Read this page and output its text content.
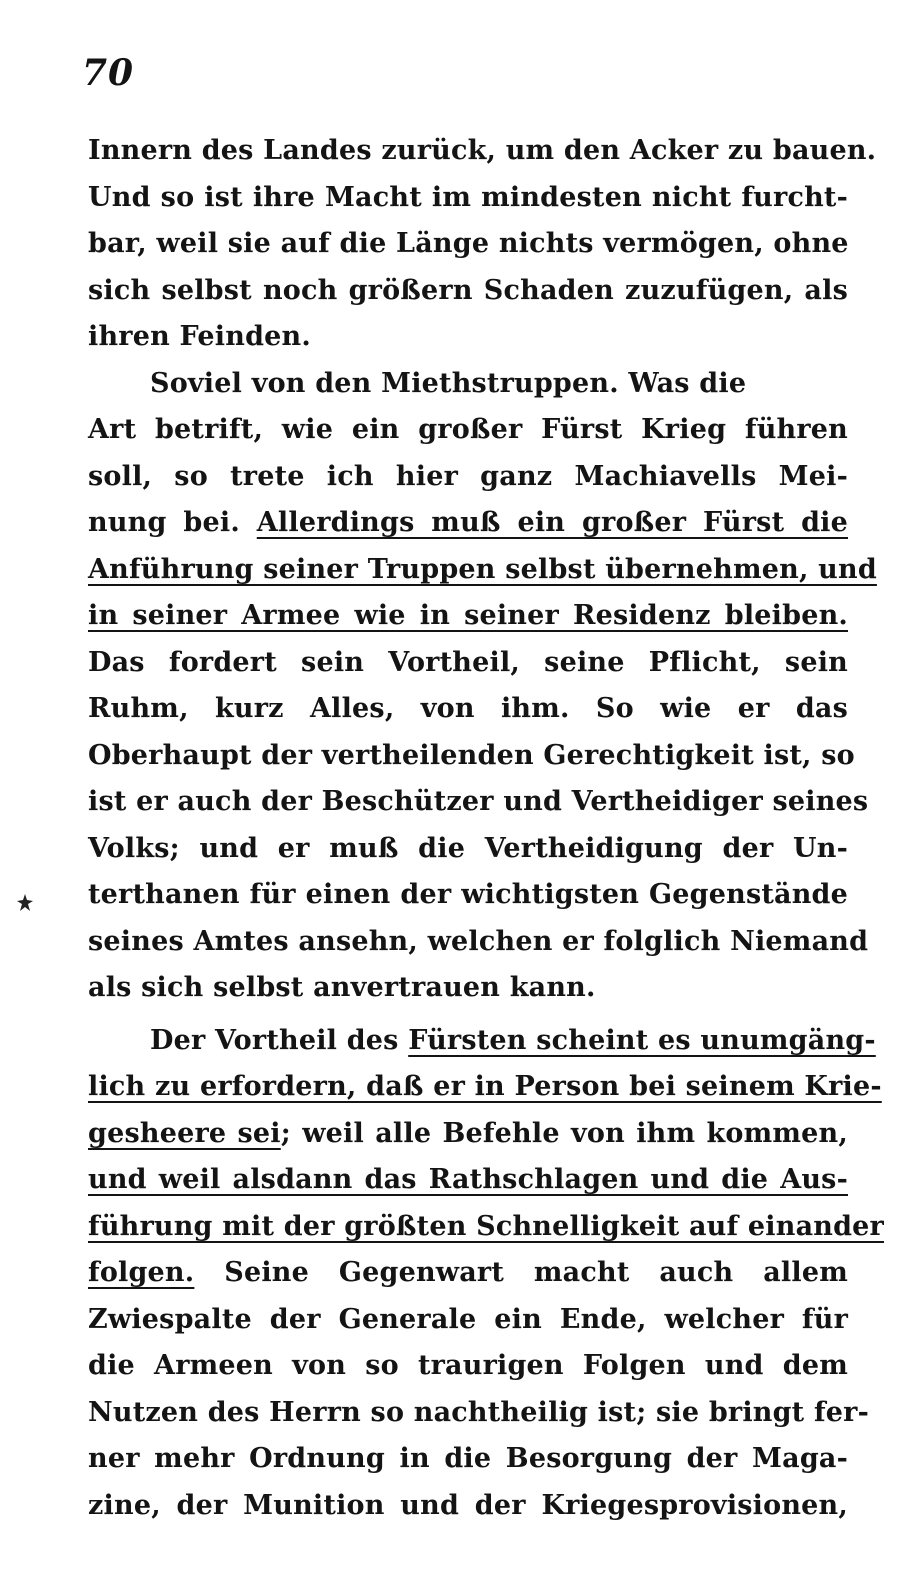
70

Innern des Landes zurück, um den Acker zu bauen.
Und so ist ihre Macht im mindesten nicht furcht-
bar, weil sie auf die Länge nichts vermögen, ohne
sich selbst noch größern Schaden zuzufügen, als
ihren Feinden.
Soviel von den Miethstruppen. Was die
Art betrift, wie ein großer Fürst Krieg führen
soll, so trete ich hier ganz Machiavells Mei-
nung bei. Allerdings muß ein großer Fürst die
Anführung seiner Truppen selbst übernehmen, und
in seiner Armee wie in seiner Residenz bleiben.
Das fordert sein Vortheil, seine Pflicht, sein
Ruhm, kurz Alles, von ihm. So wie er das
Oberhaupt der vertheilenden Gerechtigkeit ist, so
ist er auch der Beschützer und Vertheidiger seines
Volks; und er muß die Vertheidigung der Un-
terthanen für einen der wichtigsten Gegenstände
seines Amtes ansehn, welchen er folglich Niemand
als sich selbst anvertrauen kann.
Der Vortheil des Fürsten scheint es unumgäng-
lich zu erfordern, daß er in Person bei seinem Krie-
gesheere sei; weil alle Befehle von ihm kommen,
und weil alsdann das Rathschlagen und die Aus-
führung mit der größten Schnelligkeit auf einander
folgen. Seine Gegenwart macht auch allem
Zwiespalte der Generale ein Ende, welcher für
die Armeen von so traurigen Folgen und dem
Nutzen des Herrn so nachtheilig ist; sie bringt fer-
ner mehr Ordnung in die Besorgung der Maga-
zine, der Munition und der Kriegesprovisionen,
